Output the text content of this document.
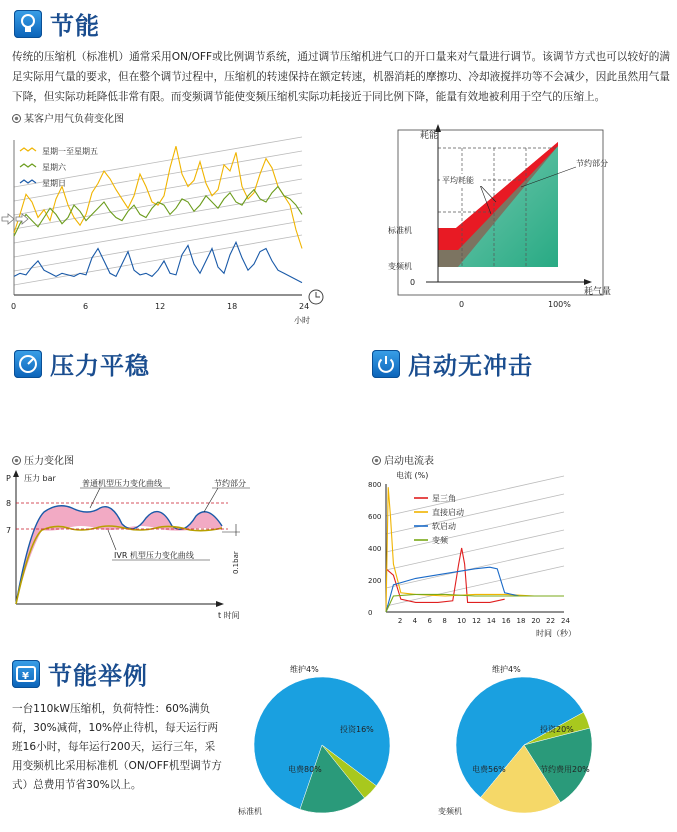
节能
传统的压缩机（标准机）通常采用ON/OFF或比例调节系统，通过调节压缩机进气口的开口量来对气量进行调节。该调节方式也可以较好的满足实际用气量的要求，但在整个调节过程中，压缩机的转速保持在额定转速，机器消耗的摩擦功、冷却液搅拌功等不会减少，因此虽然用气量下降，但实际功耗降低非常有限。而变频调节能使变频压缩机实际功耗接近于同比例下降，能量有效地被利用于空气的压缩上。
某客户用气负荷变化图
星期一至星期五
星期六
星期日
0	6	12	18	24
小时
耗能
耗气量
标准机
变频机
0
0	100%
平均耗能
节约部分
压力平稳	启动无冲击
压力变化图	启动电流表
P 压力 bar
t 时间
8
7
0.1bar
普通机型压力变化曲线	节约部分
IVR 机型压力变化曲线
电流 (%)
800
600
400
200
0
2 4 6 8 10 12 14 16 18 20 22 24
时间（秒）
星三角
直接启动
软启动
变频
¥ 节能举例
一台110kW压缩机，负荷特性：60%满负荷，30%减荷，10%停止待机，每天运行两班16小时，每年运行200天，运行三年，采用变频机比采用标准机（ON/OFF机型调节方式）总费用节省30%以上。
电费80%
维护4%
投资16%
标准机
电费56%
维护4%
投资20%
节约费用20%
变频机
